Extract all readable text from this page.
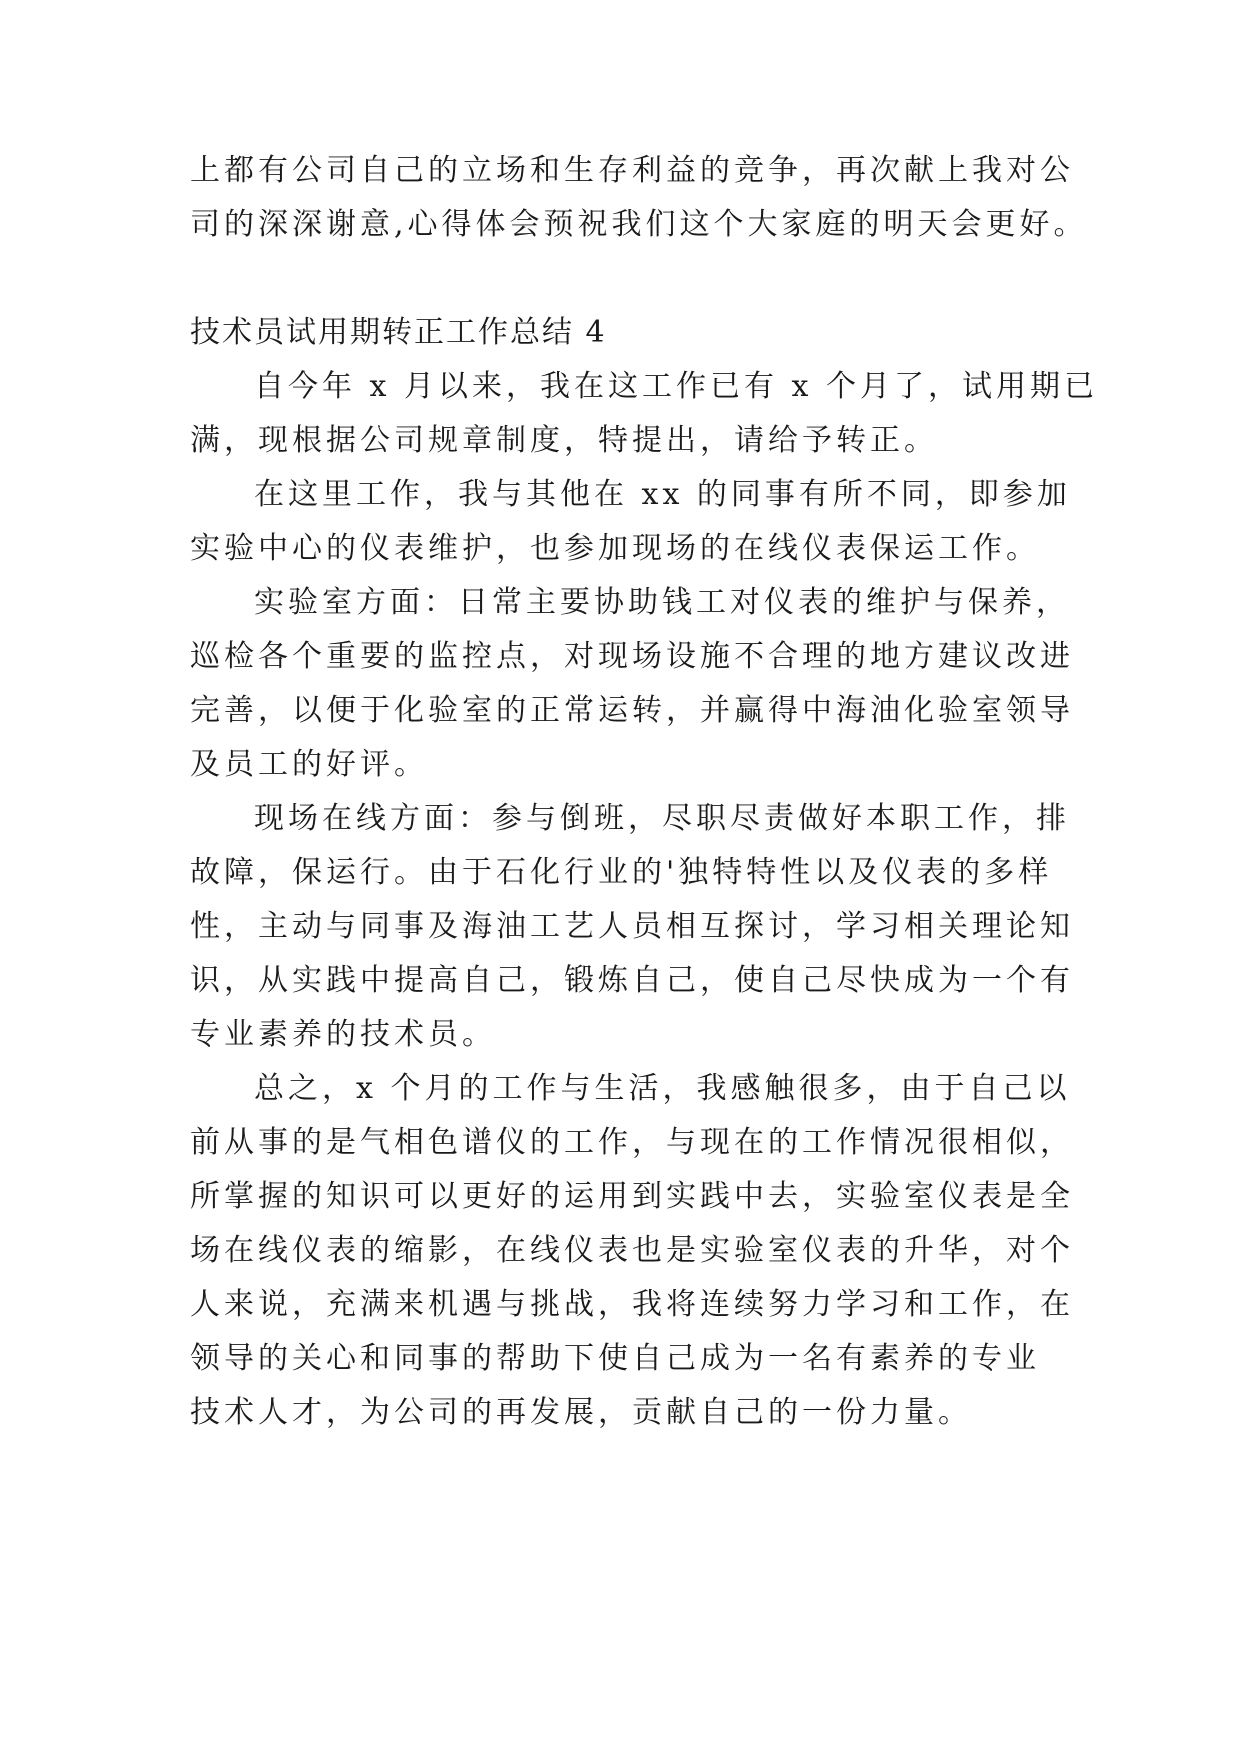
上都有公司自己的立场和生存利益的竞争，再次献上我对公
司的深深谢意,心得体会预祝我们这个大家庭的明天会更好。
技术员试用期转正工作总结 4
自今年 x 月以来，我在这工作已有 x 个月了，试用期已
满，现根据公司规章制度，特提出，请给予转正。
在这里工作，我与其他在 xx 的同事有所不同，即参加
实验中心的仪表维护，也参加现场的在线仪表保运工作。
实验室方面：日常主要协助钱工对仪表的维护与保养，
巡检各个重要的监控点，对现场设施不合理的地方建议改进
完善，以便于化验室的正常运转，并赢得中海油化验室领导
及员工的好评。
现场在线方面：参与倒班，尽职尽责做好本职工作，排
故障，保运行。由于石化行业的'独特特性以及仪表的多样
性，主动与同事及海油工艺人员相互探讨，学习相关理论知
识，从实践中提高自己，锻炼自己，使自己尽快成为一个有
专业素养的技术员。
总之，x 个月的工作与生活，我感触很多，由于自己以
前从事的是气相色谱仪的工作，与现在的工作情况很相似，
所掌握的知识可以更好的运用到实践中去，实验室仪表是全
场在线仪表的缩影，在线仪表也是实验室仪表的升华，对个
人来说，充满来机遇与挑战，我将连续努力学习和工作，在
领导的关心和同事的帮助下使自己成为一名有素养的专业
技术人才，为公司的再发展，贡献自己的一份力量。
